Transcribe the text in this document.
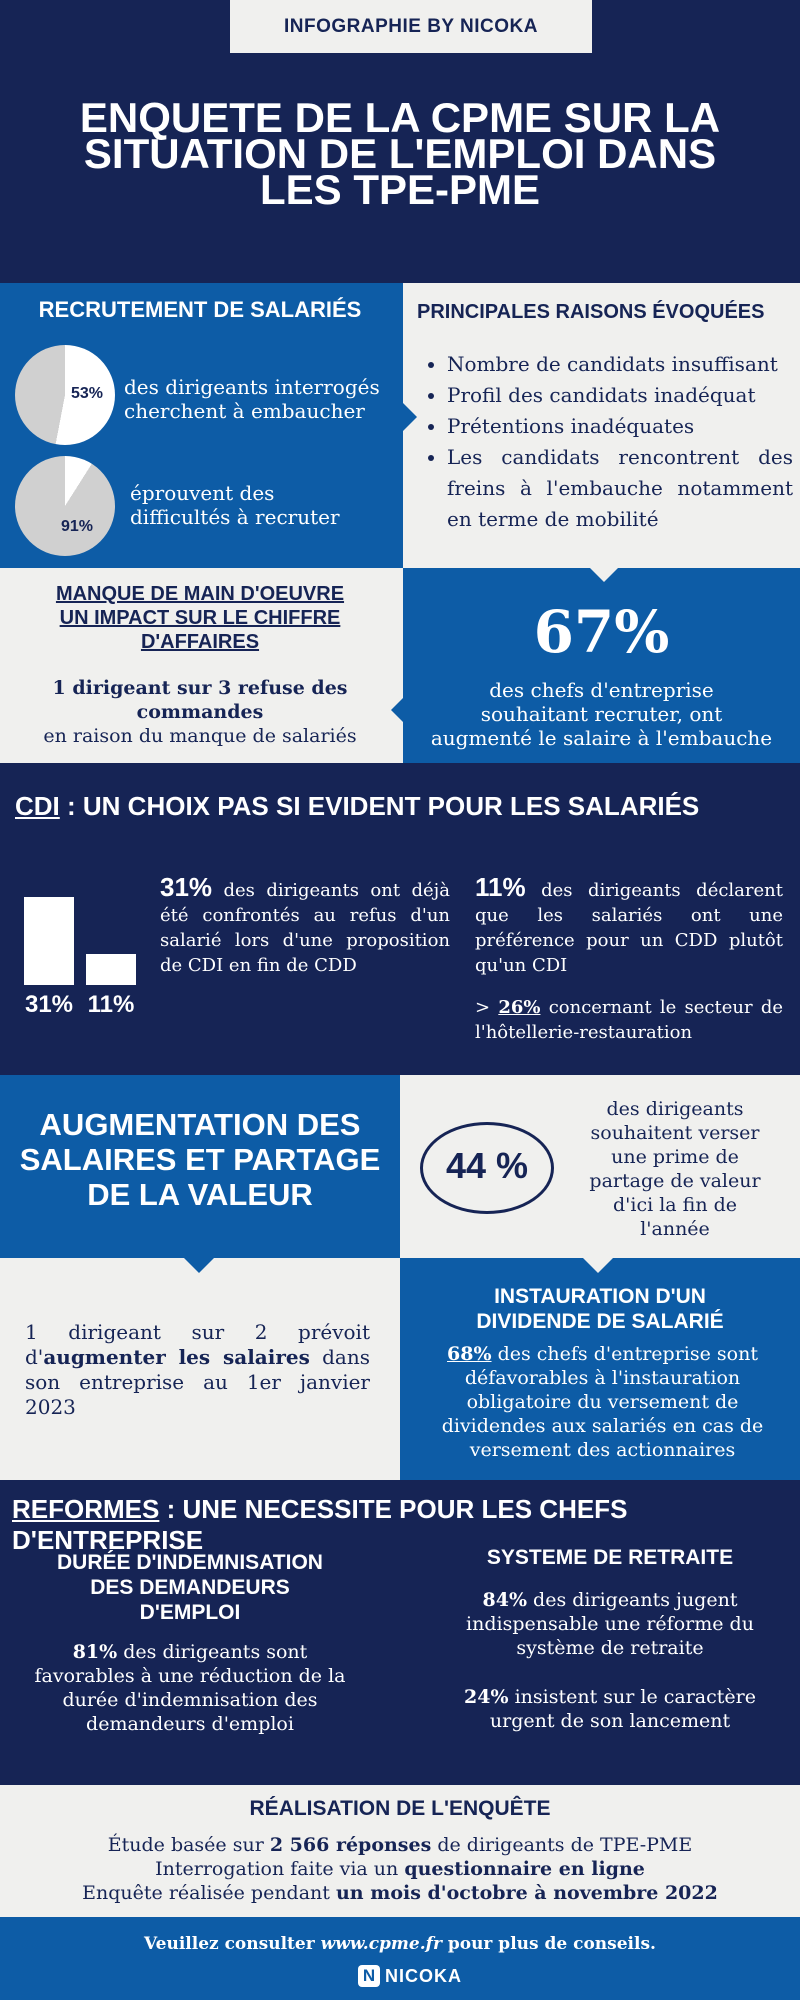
INFOGRAPHIE BY NICOKA
ENQUETE DE LA CPME SUR LA
SITUATION DE L'EMPLOI DANS
LES TPE-PME
RECRUTEMENT DE SALARIÉS
53% des dirigeants interrogés
cherchent à embaucher
91%
éprouvent des
difficultés à recruter
PRINCIPALES RAISONS ÉVOQUÉES
• Nombre de candidats insuffisant
• Profil des candidats inadéquat
• Prétentions inadéquates
• Les candidats rencontrent des freins à l'embauche notamment en terme de mobilité
MANQUE DE MAIN D'OEUVRE
UN IMPACT SUR LE CHIFFRE
D'AFFAIRES
1 dirigeant sur 3 refuse des
commandes
en raison du manque de salariés
67%
des chefs d'entreprise
souhaitant recruter, ont
augmenté le salaire à l'embauche
CDI : UN CHOIX PAS SI EVIDENT POUR LES SALARIÉS
31% 11%
31% des dirigeants ont déjà été confrontés au refus d'un salarié lors d'une proposition de CDI en fin de CDD
11% des dirigeants déclarent que les salariés ont une préférence pour un CDD plutôt qu'un CDI
> 26% concernant le secteur de l'hôtellerie-restauration
AUGMENTATION DES
SALAIRES ET PARTAGE
DE LA VALEUR
44 %
des dirigeants
souhaitent verser
une prime de
partage de valeur
d'ici la fin de
l'année
1 dirigeant sur 2 prévoit d'augmenter les salaires dans son entreprise au 1er janvier 2023
INSTAURATION D'UN
DIVIDENDE DE SALARIÉ
68% des chefs d'entreprise sont défavorables à l'instauration obligatoire du versement de dividendes aux salariés en cas de versement des actionnaires
REFORMES : UNE NECESSITE POUR LES CHEFS D'ENTREPRISE
DURÉE D'INDEMNISATION
DES DEMANDEURS
D'EMPLOI
81% des dirigeants sont favorables à une réduction de la durée d'indemnisation des demandeurs d'emploi
SYSTEME DE RETRAITE
84% des dirigeants jugent indispensable une réforme du système de retraite
24% insistent sur le caractère urgent de son lancement
RÉALISATION DE L'ENQUÊTE
Étude basée sur 2 566 réponses de dirigeants de TPE-PME
Interrogation faite via un questionnaire en ligne
Enquête réalisée pendant un mois d'octobre à novembre 2022
Veuillez consulter www.cpme.fr pour plus de conseils.
N NICOKA
